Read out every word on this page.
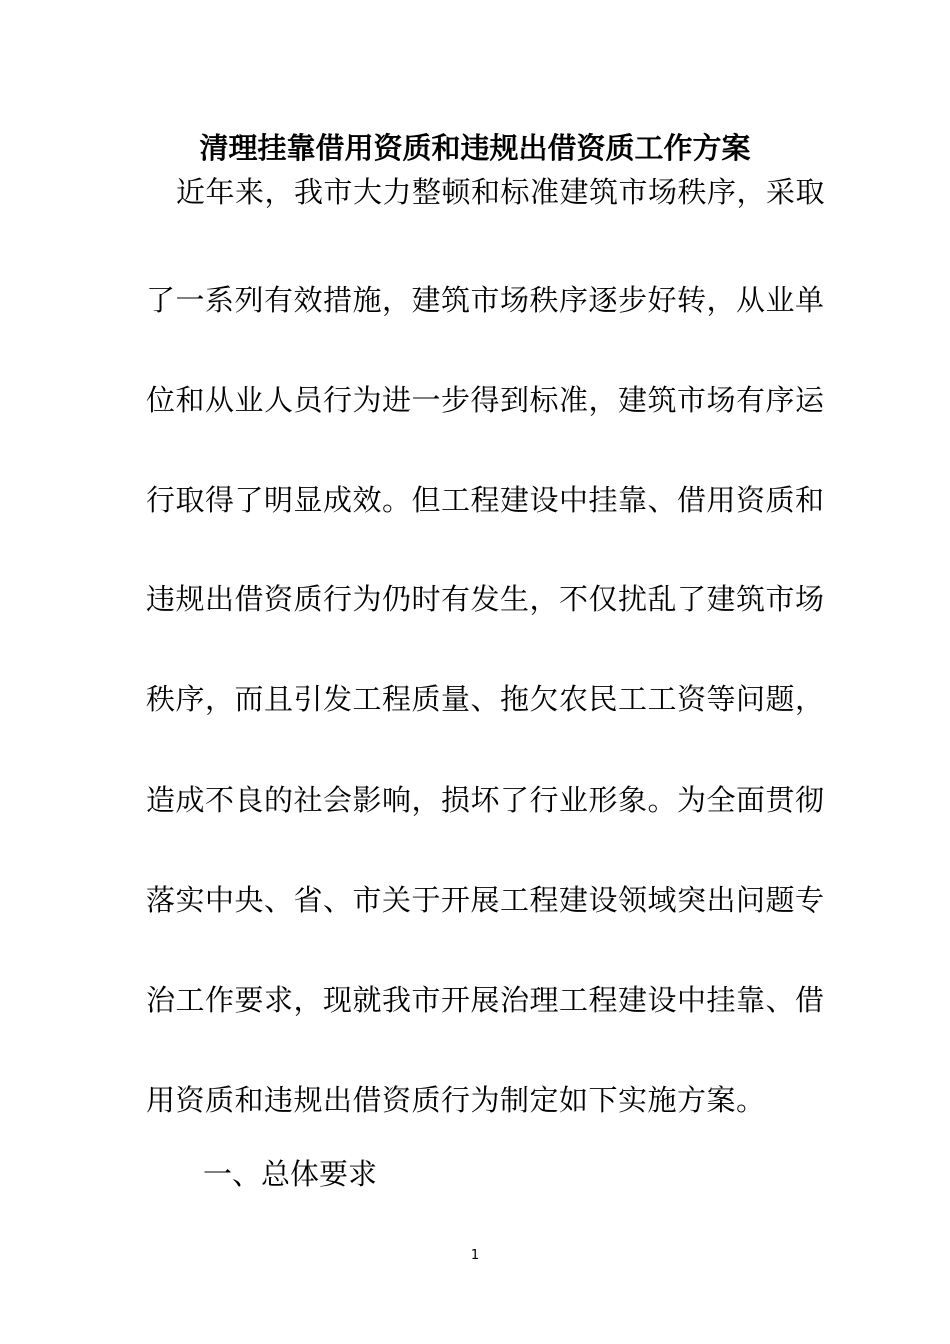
清理挂靠借用资质和违规出借资质工作方案
近年来，我市大力整顿和标准建筑市场秩序，采取
了一系列有效措施，建筑市场秩序逐步好转，从业单
位和从业人员行为进一步得到标准，建筑市场有序运
行取得了明显成效。但工程建设中挂靠、借用资质和
违规出借资质行为仍时有发生，不仅扰乱了建筑市场
秩序，而且引发工程质量、拖欠农民工工资等问题，
造成不良的社会影响，损坏了行业形象。为全面贯彻
落实中央、省、市关于开展工程建设领域突出问题专
治工作要求，现就我市开展治理工程建设中挂靠、借
用资质和违规出借资质行为制定如下实施方案。
一、总体要求
1
